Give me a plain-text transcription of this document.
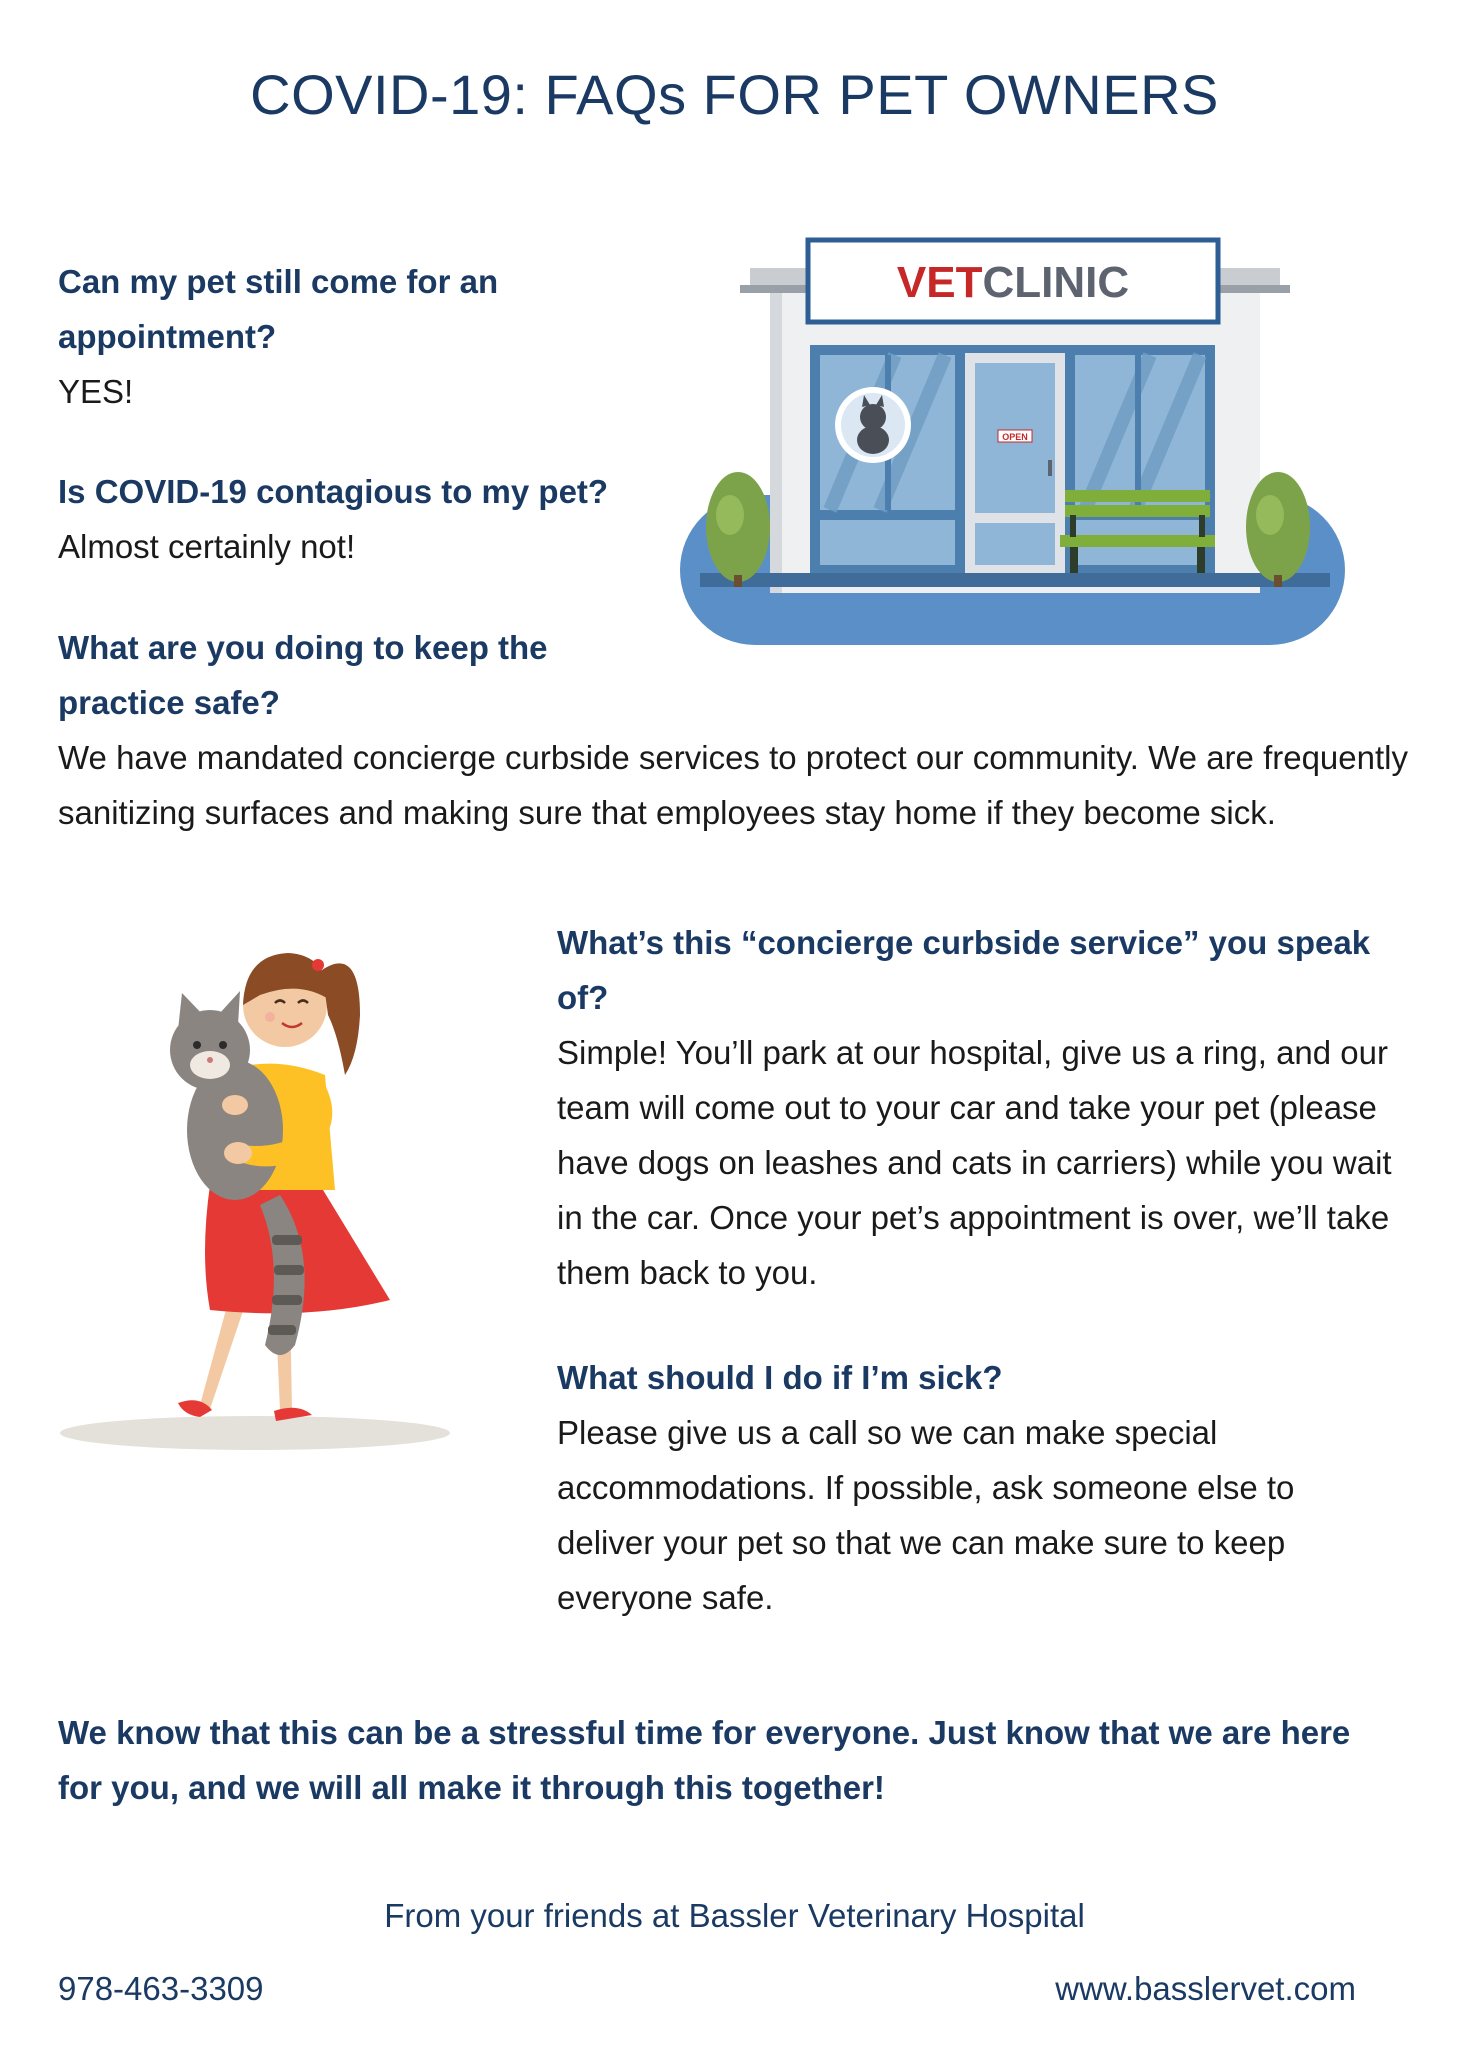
COVID-19: FAQs FOR PET OWNERS

Can my pet still come for an appointment?

YES!

Is COVID-19 contagious to my pet?

Almost certainly not!

What are you doing to keep the practice safe?

We have mandated concierge curbside services to protect our community. We are frequently sanitizing surfaces and making sure that employees stay home if they become sick.

What’s this “concierge curbside service” you speak of?

Simple! You’ll park at our hospital, give us a ring, and our team will come out to your car and take your pet (please have dogs on leashes and cats in carriers) while you wait in the car. Once your pet’s appointment is over, we’ll take them back to you.

What should I do if I’m sick?

Please give us a call so we can make special accommodations. If possible, ask someone else to deliver your pet so that we can make sure to keep everyone safe.

VETCLINIC
OPEN
We know that this can be a stressful time for everyone. Just know that we are here for you, and we will all make it through this together!
From your friends at Bassler Veterinary Hospital
978-463-3309	www.basslervet.com
